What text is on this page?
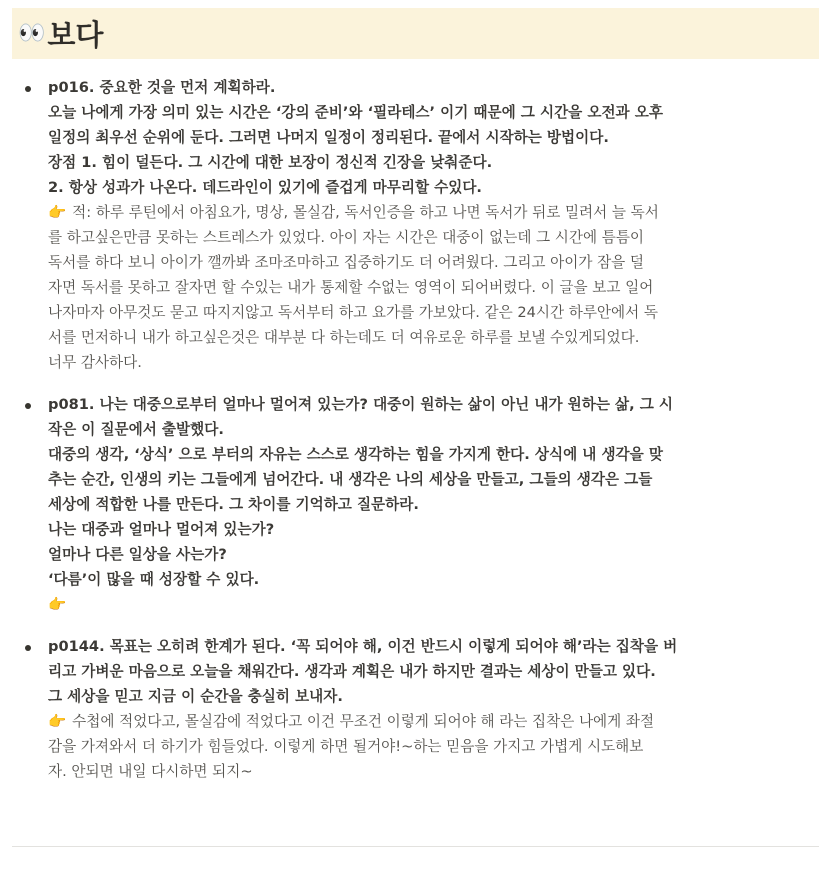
👀 보다
p016. 중요한 것을 먼저 계획하라.
오늘 나에게 가장 의미 있는 시간은 ‘강의 준비’와 ‘필라테스’ 이기 때문에 그 시간을 오전과 오후
일정의 최우선 순위에 둔다. 그러면 나머지 일정이 정리된다. 끝에서 시작하는 방법이다.
장점 1. 힘이 덜든다. 그 시간에 대한 보장이 정신적 긴장을 낮춰준다.
2. 항상 성과가 나온다. 데드라인이 있기에 즐겁게 마무리할 수있다.
👉 적: 하루 루틴에서 아침요가, 명상, 몰실감, 독서인증을 하고 나면 독서가 뒤로 밀려서 늘 독서
를 하고싶은만큼 못하는 스트레스가 있었다. 아이 자는 시간은 대중이 없는데 그 시간에 틈틈이
독서를 하다 보니 아이가 깰까봐 조마조마하고 집중하기도 더 어려웠다. 그리고 아이가 잠을 덜
자면 독서를 못하고 잘자면 할 수있는 내가 통제할 수없는 영역이 되어버렸다. 이 글을 보고 일어
나자마자 아무것도 묻고 따지지않고 독서부터 하고 요가를 가보았다. 같은 24시간 하루안에서 독
서를 먼저하니 내가 하고싶은것은 대부분 다 하는데도 더 여유로운 하루를 보낼 수있게되었다.
너무 감사하다.
p081. 나는 대중으로부터 얼마나 멀어져 있는가? 대중이 원하는 삶이 아닌 내가 원하는 삶, 그 시
작은 이 질문에서 출발했다.
대중의 생각, ‘상식’ 으로 부터의 자유는 스스로 생각하는 힘을 가지게 한다. 상식에 내 생각을 맞
추는 순간, 인생의 키는 그들에게 넘어간다. 내 생각은 나의 세상을 만들고, 그들의 생각은 그들
세상에 적합한 나를 만든다. 그 차이를 기억하고 질문하라.
나는 대중과 얼마나 멀어져 있는가?
얼마나 다른 일상을 사는가?
‘다름’이 많을 때 성장할 수 있다.
👉
p0144. 목표는 오히려 한계가 된다. ‘꼭 되어야 해, 이건 반드시 이렇게 되어야 해’라는 집착을 버
리고 가벼운 마음으로 오늘을 채워간다. 생각과 계획은 내가 하지만 결과는 세상이 만들고 있다.
그 세상을 믿고 지금 이 순간을 충실히 보내자.
👉 수첩에 적었다고, 몰실감에 적었다고 이건 무조건 이렇게 되어야 해 라는 집착은 나에게 좌절
감을 가져와서 더 하기가 힘들었다. 이렇게 하면 될거야!~하는 믿음을 가지고 가볍게 시도해보
자. 안되면 내일 다시하면 되지~
